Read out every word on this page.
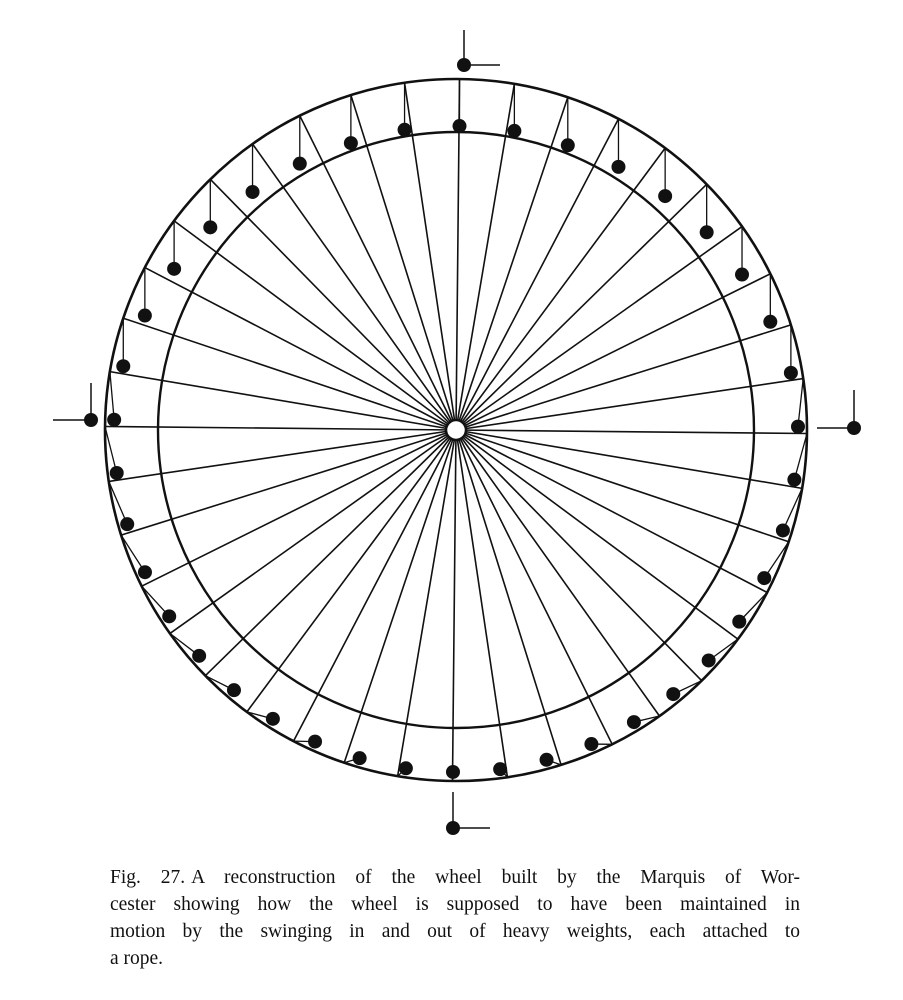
Fig. 27. A reconstruction of the wheel built by the Marquis of Wor-
cester showing how the wheel is supposed to have been maintained in
motion by the swinging in and out of heavy weights, each attached to
a rope.
